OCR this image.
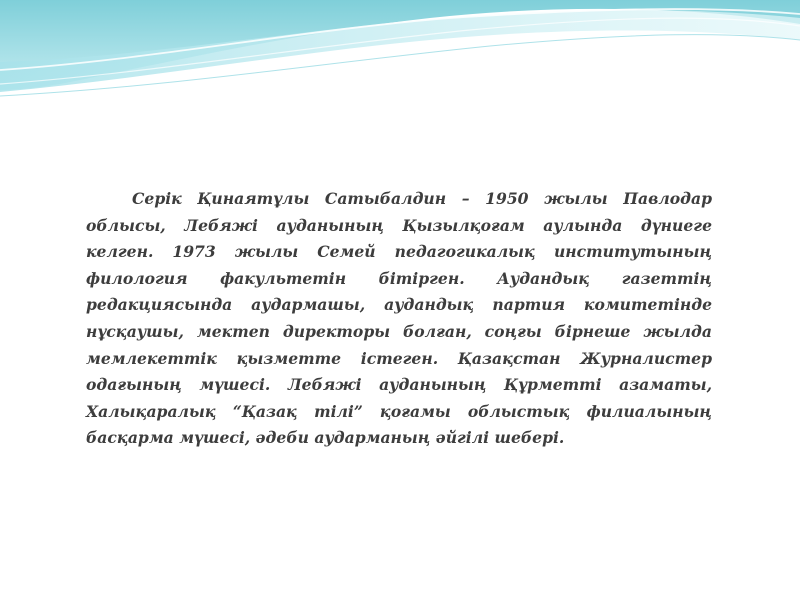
Серік Қинаятұлы Сатыбалдин – 1950 жылы Павлодар облысы, Лебяжі ауданының Қызылқоғам аулында дүниеге келген. 1973 жылы Семей педагогикалық институтының филология факультетін бітірген. Аудандық газеттің редакциясында аудармашы, аудандық партия комитетінде нұсқаушы, мектеп директоры болған, соңғы бірнеше жылда мемлекеттік қызметте істеген. Қазақстан Журналистер одағының мүшесі. Лебяжі ауданының Құрметті азаматы, Халықаралық “Қазақ тілі” қоғамы облыстық филиалының басқарма мүшесі, әдеби аударманың әйгілі шебері.
